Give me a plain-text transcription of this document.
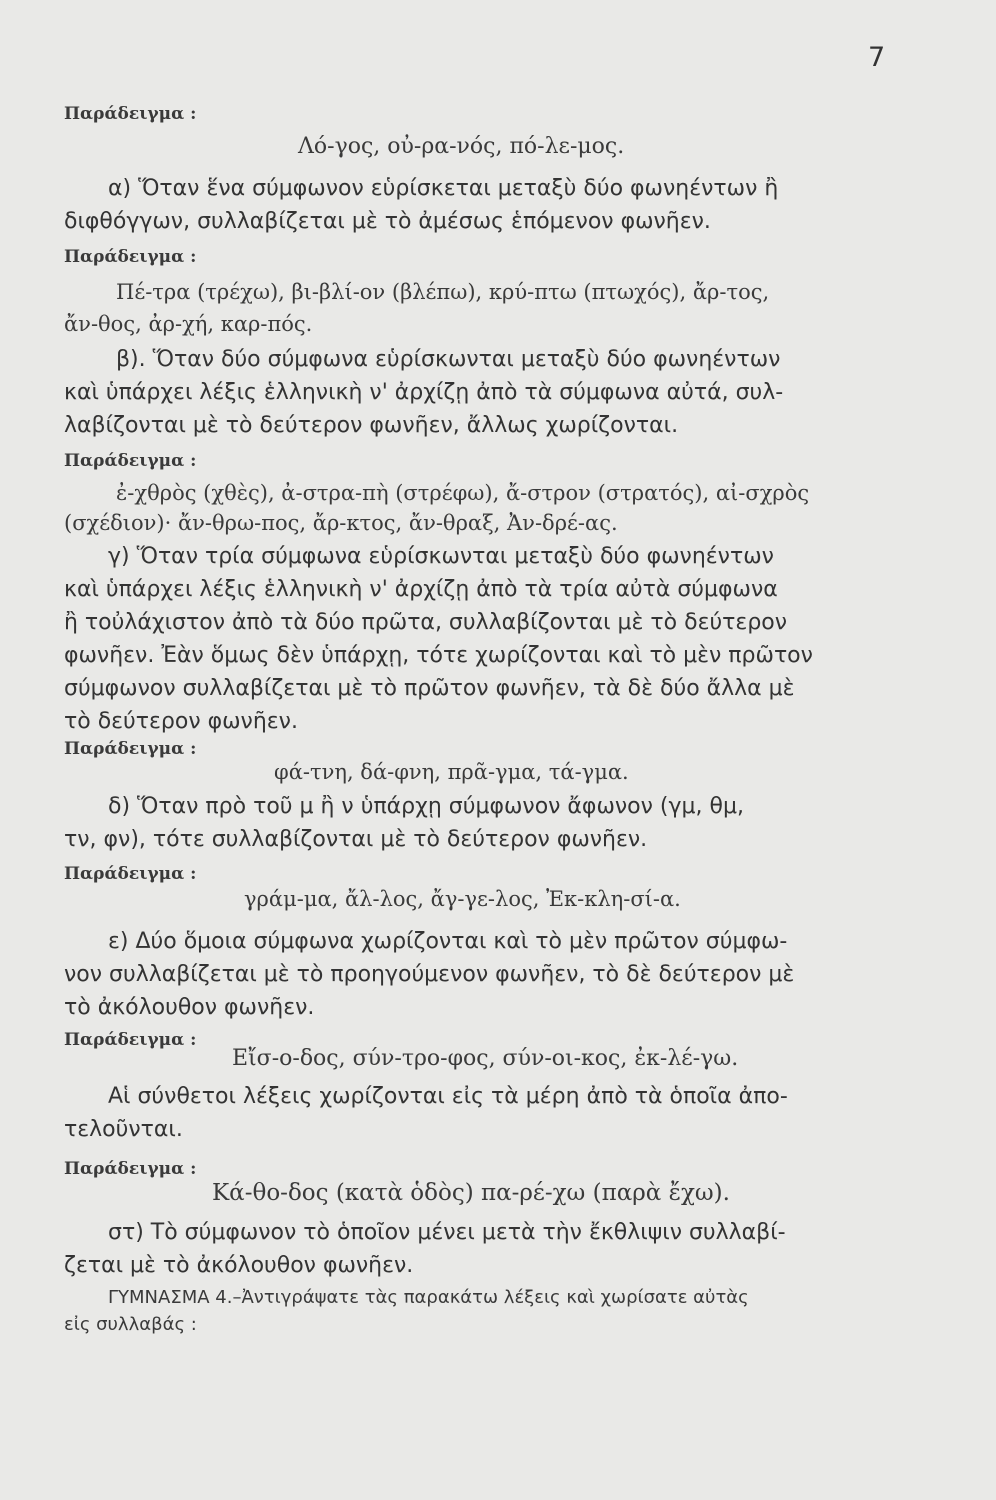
7
Παράδειγμα :
Λό-γος, οὐ-ρα-νός, πό-λε-μος.

α) Ὅταν ἕνα σύμφωνον εὑρίσκεται μεταξὺ δύο φωνηέντων ἢ

διφθόγγων, συλλαβίζεται μὲ τὸ ἀμέσως ἑπόμενον φωνῆεν.

Παράδειγμα :
Πέ-τρα (τρέχω), βι-βλί-ον (βλέπω), κρύ-πτω (πτωχός), ἄρ-τος,
ἄν-θος, ἀρ-χή, καρ-πός.

β). Ὅταν δύο σύμφωνα εὑρίσκωνται μεταξὺ δύο φωνηέντων

καὶ ὑπάρχει λέξις ἑλληνικὴ ν' ἀρχίζῃ ἀπὸ τὰ σύμφωνα αὐτά, συλ-

λαβίζονται μὲ τὸ δεύτερον φωνῆεν, ἄλλως χωρίζονται.

Παράδειγμα :
ἐ-χθρὸς (χθὲς), ἀ-στρα-πὴ (στρέφω), ἄ-στρον (στρατός), αἰ-σχρὸς
(σχέδιον)· ἄν-θρω-πος, ἄρ-κτος, ἄν-θραξ, Ἀν-δρέ-ας.

γ) Ὅταν τρία σύμφωνα εὑρίσκωνται μεταξὺ δύο φωνηέντων

καὶ ὑπάρχει λέξις ἑλληνικὴ ν' ἀρχίζῃ ἀπὸ τὰ τρία αὐτὰ σύμφωνα

ἢ τοὐλάχιστον ἀπὸ τὰ δύο πρῶτα, συλλαβίζονται μὲ τὸ δεύτερον

φωνῆεν. Ἐὰν ὅμως δὲν ὑπάρχῃ, τότε χωρίζονται καὶ τὸ μὲν πρῶτον

σύμφωνον συλλαβίζεται μὲ τὸ πρῶτον φωνῆεν, τὰ δὲ δύο ἄλλα μὲ

τὸ δεύτερον φωνῆεν.

Παράδειγμα :
φά-τνη, δά-φνη, πρᾶ-γμα, τά-γμα.

δ) Ὅταν πρὸ τοῦ μ ἢ ν ὑπάρχῃ σύμφωνον ἄφωνον (γμ, θμ,

τν, φν), τότε συλλαβίζονται μὲ τὸ δεύτερον φωνῆεν.

Παράδειγμα :
γράμ-μα, ἄλ-λος, ἄγ-γε-λος, Ἐκ-κλη-σί-α.

ε) Δύο ὅμοια σύμφωνα χωρίζονται καὶ τὸ μὲν πρῶτον σύμφω-

νον συλλαβίζεται μὲ τὸ προηγούμενον φωνῆεν, τὸ δὲ δεύτερον μὲ

τὸ ἀκόλουθον φωνῆεν.

Παράδειγμα :
Εἴσ-ο-δος, σύν-τρο-φος, σύν-οι-κος, ἐκ-λέ-γω.

Αἱ σύνθετοι λέξεις χωρίζονται εἰς τὰ μέρη ἀπὸ τὰ ὁποῖα ἀπο-

τελοῦνται.

Παράδειγμα :
Κά-θο-δος (κατὰ ὁδὸς) πα-ρέ-χω (παρὰ ἔχω).

στ) Τὸ σύμφωνον τὸ ὁποῖον μένει μετὰ τὴν ἔκθλιψιν συλλαβί-

ζεται μὲ τὸ ἀκόλουθον φωνῆεν.

ΓΥΜΝΑΣΜΑ 4.–Ἀντιγράψατε τὰς παρακάτω λέξεις καὶ χωρίσατε αὐτὰς

εἰς συλλαβάς :
